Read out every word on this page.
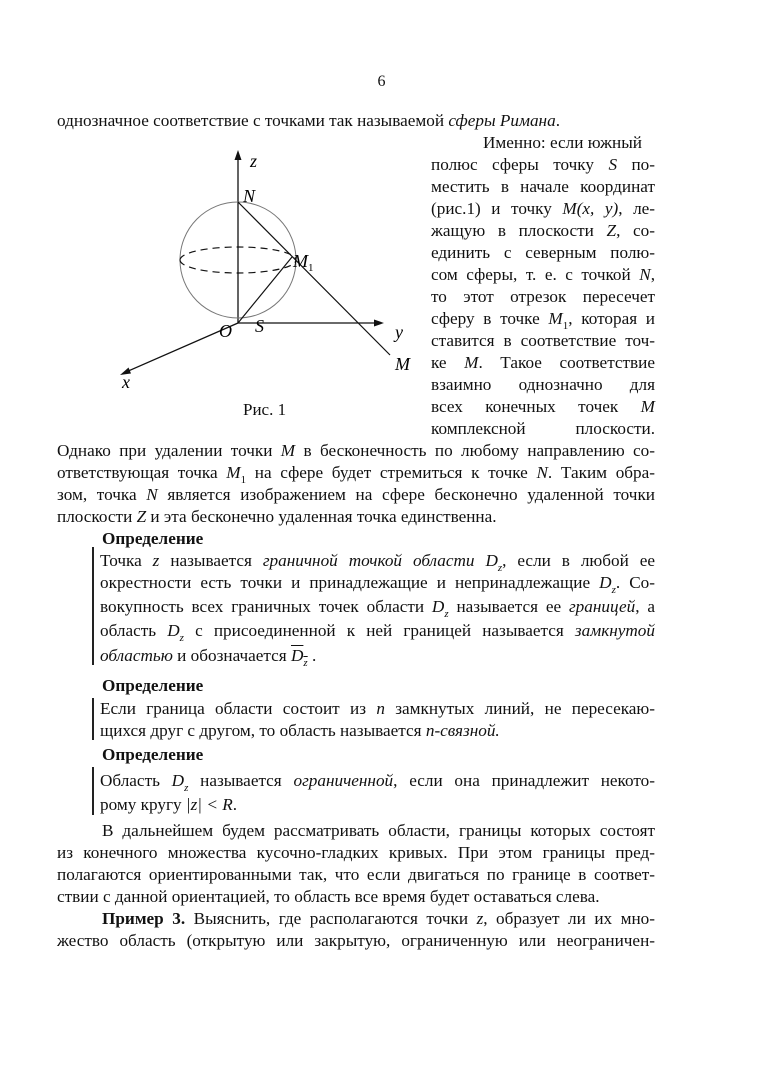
6
однозначное соответствие с точками так называемой сферы Римана.
z
N
M 1
O S	y
M
x
Рис. 1
Именно: если южный
полюс сферы точку S по-
местить в начале координат
(рис.1) и точку M(x, y), ле-
жащую в плоскости Z, со-
единить с северным полю-
сом сферы, т. е. с точкой N,
то этот отрезок пересечет
сферу в точке $M_1$, которая и
ставится в соответствие точ-
ке M. Такое соответствие
взаимно однозначно для
всех конечных точек M
комплексной плоскости.
Однако при удалении точки M в бесконечность по любому направлению со-
ответствующая точка $M_1$ на сфере будет стремиться к точке N. Таким обра-
зом, точка N является изображением на сфере бесконечно удаленной точки
плоскости Z и эта бесконечно удаленная точка единственна.
Определение
Точка z называется граничной точкой области $D_z$, если в любой ее
окрестности есть точки и принадлежащие и непринадлежащие $D_z$. Со-
вокупность всех граничных точек области $D_z$ называется ее границей, а
область $D_z$ с присоединенной к ней границей называется замкнутой
областью и обозначается $D_z$ .
Определение
Если граница области состоит из n замкнутых линий, не пересекаю-
щихся друг с другом, то область называется n-связной.
Определение
Область $D_z$ называется ограниченной, если она принадлежит некото-
рому кругу |z| < R.
В дальнейшем будем рассматривать области, границы которых состоят
из конечного множества кусочно-гладких кривых. При этом границы пред-
полагаются ориентированными так, что если двигаться по границе в соответ-
ствии с данной ориентацией, то область все время будет оставаться слева.
Пример 3. Выяснить, где располагаются точки z, образует ли их мно-
жество область (открытую или закрытую, ограниченную или неограничен-
